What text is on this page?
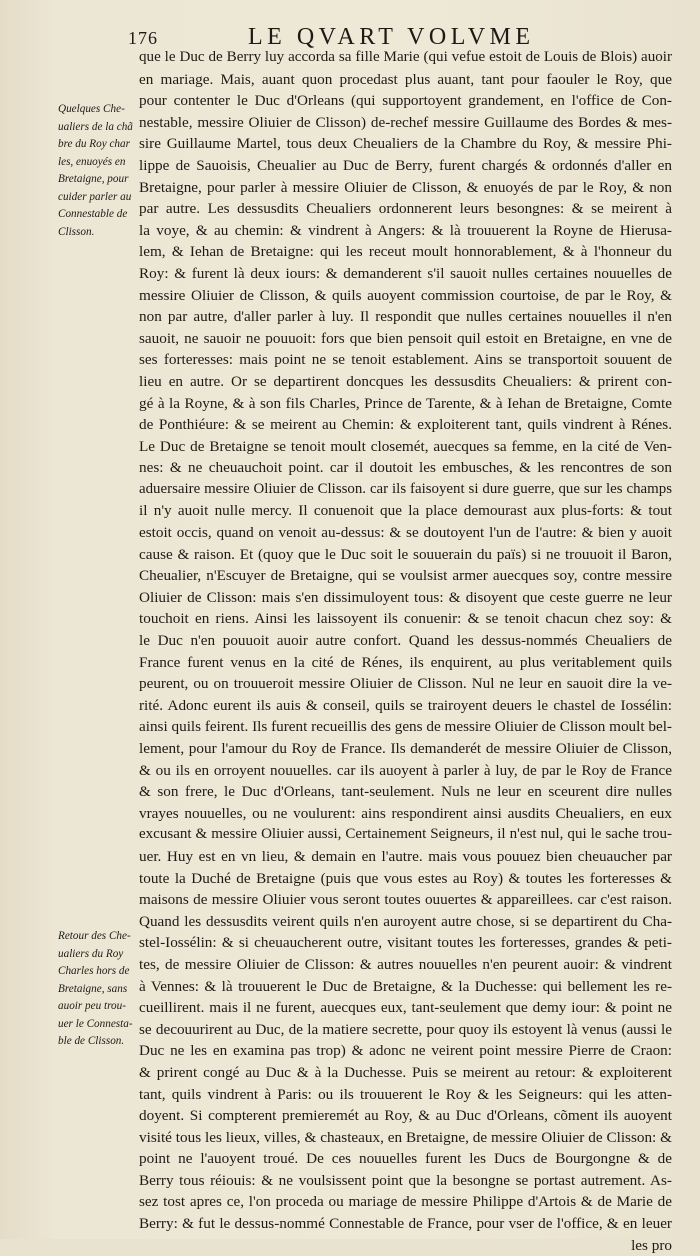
176	LE QVART VOLVME
Quelques Che-
ualiers de la chã
bre du Roy char
les, enuoyés en
Bretaigne, pour
cuider parler au
Connestable de
Clisson.
Retour des Che-
ualiers du Roy
Charles hors de
Bretaigne, sans
auoir peu trou-
uer le Connesta-
ble de Clisson.
que le Duc de Berry luy accorda sa fille Marie (qui vefue estoit de Louis de Blois) auoir
en mariage. Mais, auant quon procedast plus auant, tant pour faouler le Roy, que
pour contenter le Duc d'Orleans (qui supportoyent grandement, en l'office de Con-
nestable, messire Oliuier de Clisson) de-rechef messire Guillaume des Bordes & mes-
sire Guillaume Martel, tous deux Cheualiers de la Chambre du Roy, & messire Phi-
lippe de Sauoisis, Cheualier au Duc de Berry, furent chargés & ordonnés d'aller en
Bretaigne, pour parler à messire Oliuier de Clisson, & enuoyés de par le Roy, & non
par autre. Les dessusdits Cheualiers ordonnerent leurs besongnes: & se meirent à
la voye, & au chemin: & vindrent à Angers: & là trouuerent la Royne de Hierusa-
lem, & Iehan de Bretaigne: qui les receut moult honnorablement, & à l'honneur du
Roy: & furent là deux iours: & demanderent s'il sauoit nulles certaines nouuelles de
messire Oliuier de Clisson, & quils auoyent commission courtoise, de par le Roy, &
non par autre, d'aller parler à luy. Il respondit que nulles certaines nouuelles il n'en
sauoit, ne sauoir ne pouuoit: fors que bien pensoit quil estoit en Bretaigne, en vne de
ses forteresses: mais point ne se tenoit establement. Ains se transportoit souuent de
lieu en autre. Or se departirent doncques les dessusdits Cheualiers: & prirent con-
gé à la Royne, & à son fils Charles, Prince de Tarente, & à Iehan de Bretaigne, Comte
de Ponthiéure: & se meirent au Chemin: & exploiterent tant, quils vindrent à Rénes.
Le Duc de Bretaigne se tenoit moult closemét, auecques sa femme, en la cité de Ven-
nes: & ne cheuauchoit point. car il doutoit les embusches, & les rencontres de son
aduersaire messire Oliuier de Clisson. car ils faisoyent si dure guerre, que sur les champs
il n'y auoit nulle mercy. Il conuenoit que la place demourast aux plus-forts: & tout
estoit occis, quand on venoit au-dessus: & se doutoyent l'un de l'autre: & bien y auoit
cause & raison. Et (quoy que le Duc soit le souuerain du païs) si ne trouuoit il Baron,
Cheualier, n'Escuyer de Bretaigne, qui se voulsist armer auecques soy, contre messire
Oliuier de Clisson: mais s'en dissimuloyent tous: & disoyent que ceste guerre ne leur
touchoit en riens. Ainsi les laissoyent ils conuenir: & se tenoit chacun chez soy: &
le Duc n'en pouuoit auoir autre confort. Quand les dessus-nommés Cheualiers de
France furent venus en la cité de Rénes, ils enquirent, au plus veritablement quils
peurent, ou on trouueroit messire Oliuier de Clisson. Nul ne leur en sauoit dire la ve-
rité. Adonc eurent ils auis & conseil, quils se trairoyent deuers le chastel de Iossélin:
ainsi quils feirent. Ils furent recueillis des gens de messire Oliuier de Clisson moult bel-
lement, pour l'amour du Roy de France. Ils demanderét de messire Oliuier de Clisson,
& ou ils en orroyent nouuelles. car ils auoyent à parler à luy, de par le Roy de France
& son frere, le Duc d'Orleans, tant-seulement. Nuls ne leur en sceurent dire nulles
vrayes nouuelles, ou ne voulurent: ains respondirent ainsi ausdits Cheualiers, en eux
excusant & messire Oliuier aussi, Certainement Seigneurs, il n'est nul, qui le sache trou-
uer. Huy est en vn lieu, & demain en l'autre. mais vous pouuez bien cheuaucher par
toute la Duché de Bretaigne (puis que vous estes au Roy) & toutes les forteresses &
maisons de messire Oliuier vous seront toutes ouuertes & appareillees. car c'est raison.
Quand les dessusdits veirent quils n'en auroyent autre chose, si se departirent du Cha-
stel-Iossélin: & si cheuaucherent outre, visitant toutes les forteresses, grandes & peti-
tes, de messire Oliuier de Clisson: & autres nouuelles n'en peurent auoir: & vindrent
à Vennes: & là trouuerent le Duc de Bretaigne, & la Duchesse: qui bellement les re-
cueillirent. mais il ne furent, auecques eux, tant-seulement que demy iour: & point ne
se decouurirent au Duc, de la matiere secrette, pour quoy ils estoyent là venus (aussi le
Duc ne les en examina pas trop) & adonc ne veirent point messire Pierre de Craon:
& prirent congé au Duc & à la Duchesse. Puis se meirent au retour: & exploiterent
tant, quils vindrent à Paris: ou ils trouuerent le Roy & les Seigneurs: qui les atten-
doyent. Si compterent premieremét au Roy, & au Duc d'Orleans, cõment ils auoyent
visité tous les lieux, villes, & chasteaux, en Bretaigne, de messire Oliuier de Clisson: &
point ne l'auoyent troué. De ces nouuelles furent les Ducs de Bourgongne & de
Berry tous réiouis: & ne voulsissent point que la besongne se portast autrement. As-
sez tost apres ce, l'on proceda ou mariage de messire Philippe d'Artois & de Marie de
Berry: & fut le dessus-nommé Connestable de France, pour vser de l'office, & en leuer
les pro
